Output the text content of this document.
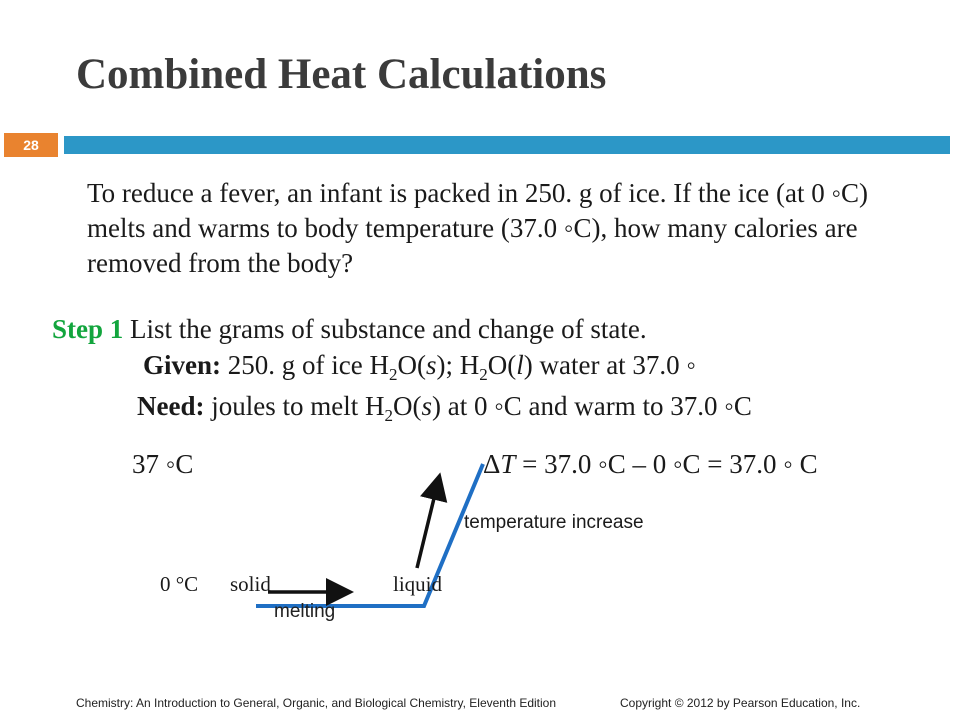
Combined Heat Calculations
28
To reduce a fever, an infant is packed in 250. g of ice. If the ice (at 0 ◦C) melts and warms to body temperature (37.0 ◦C), how many calories are removed from the body?
Step 1 List the grams of substance and change of state.
Given: 250. g of ice $H_2O(s)$; $H_2O(l)$ water at 37.0 ◦
Need: joules to melt $H_2O(s)$ at 0 ◦C and warm to 37.0 ◦C
37 ◦C	ΔT = 37.0 ◦C – 0 ◦C = 37.0 ◦ C
temperature increase
0 °C solid	liquid
melting
Chemistry: An Introduction to General, Organic, and Biological Chemistry, Eleventh Edition	Copyright © 2012 by Pearson Education, Inc.
